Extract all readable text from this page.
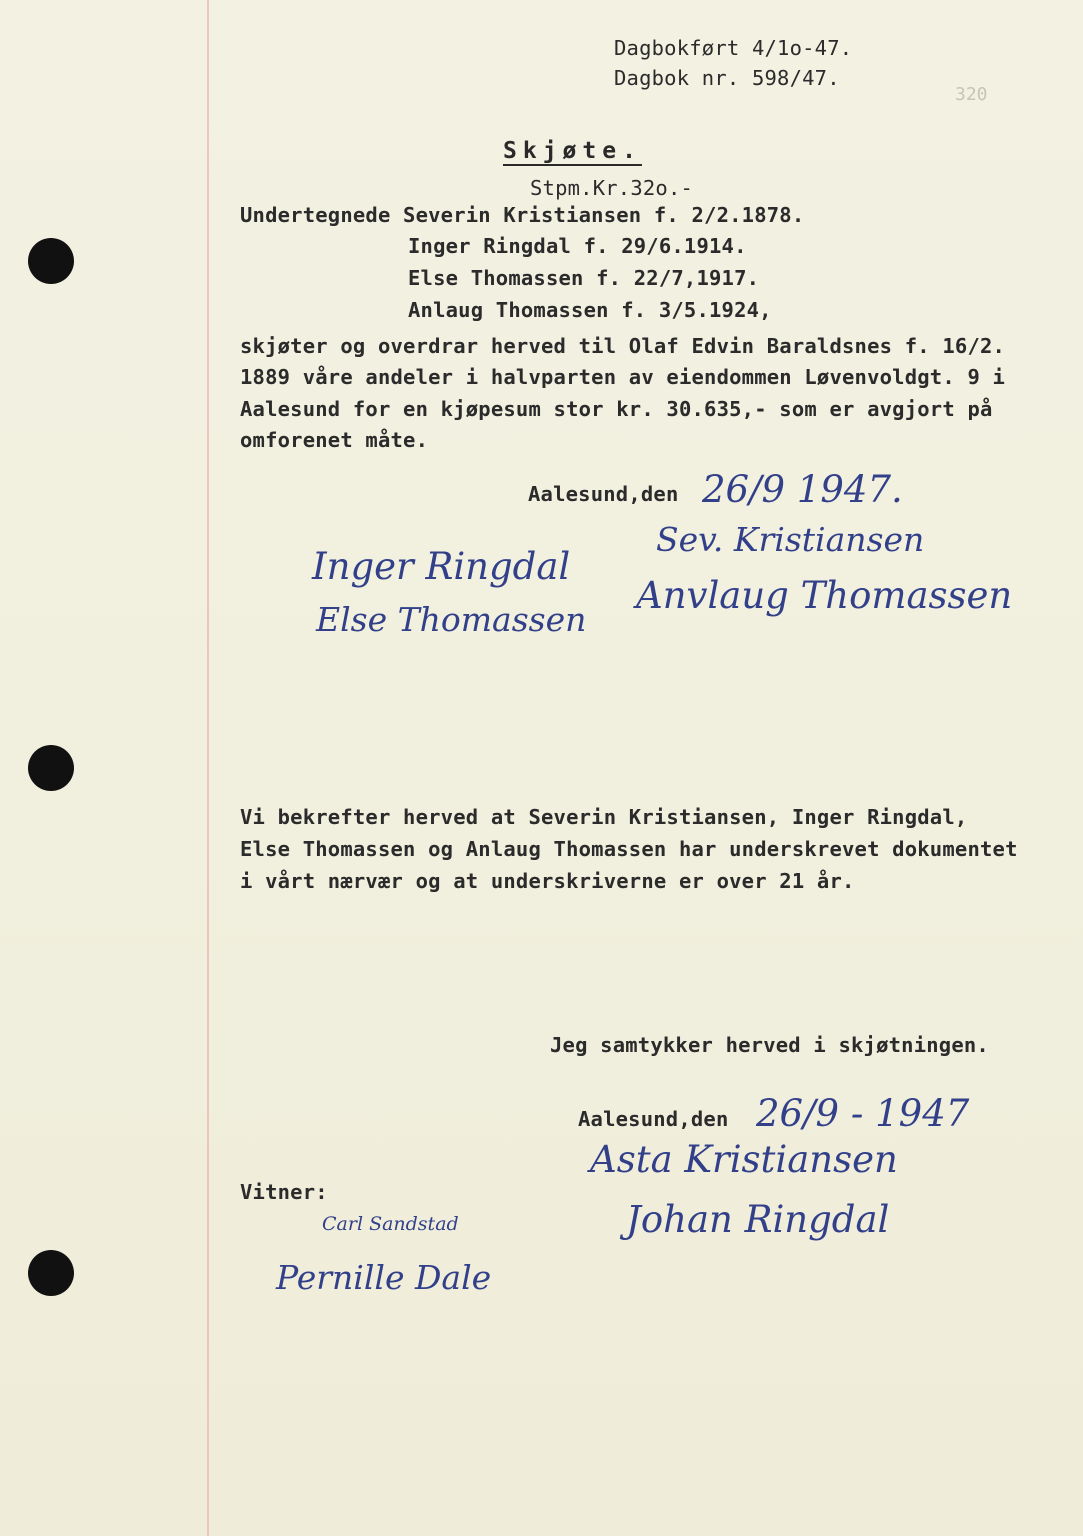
Dagbokført 4/1o-47.
Dagbok nr. 598/47.
320
Skjøte.
Stpm.Kr.32o.-
Undertegnede Severin Kristiansen f. 2/2.1878.
Inger Ringdal f. 29/6.1914.
Else Thomassen f. 22/7,1917.
Anlaug Thomassen f. 3/5.1924,
skjøter og overdrar herved til Olaf Edvin Baraldsnes f. 16/2.
1889 våre andeler i halvparten av eiendommen Løvenvoldgt. 9 i
Aalesund for en kjøpesum stor kr. 30.635,- som er avgjort på
omforenet måte.
Aalesund,den 26/9 1947.
Sev. Kristiansen
Anvlaug Thomassen
Inger Ringdal
Else Thomassen
Vi bekrefter herved at Severin Kristiansen, Inger Ringdal,
Else Thomassen og Anlaug Thomassen har underskrevet dokumentet
i vårt nærvær og at underskriverne er over 21 år.
Jeg samtykker herved i skjøtningen.
Aalesund,den 26/9 - 1947
Asta Kristiansen
Johan Ringdal
Vitner:
Carl Sandstad
Pernille Dale
